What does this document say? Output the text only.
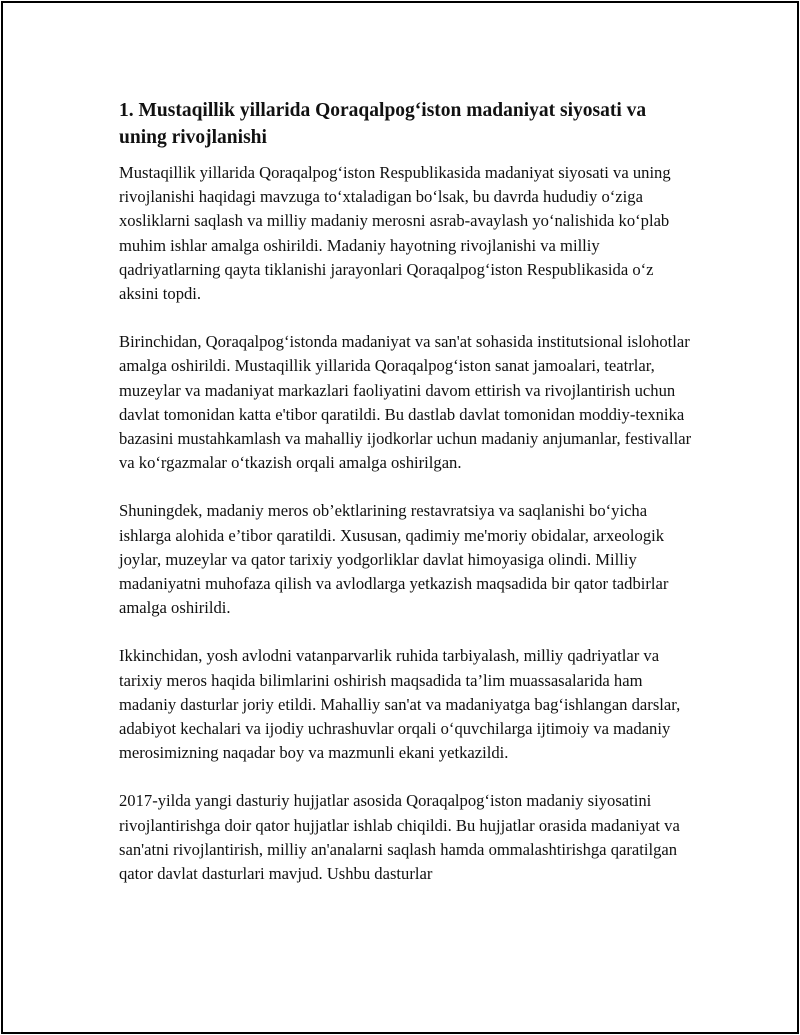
1. Mustaqillik yillarida Qoraqalpog‘iston madaniyat siyosati va uning rivojlanishi

Mustaqillik yillarida Qoraqalpog‘iston Respublikasida madaniyat siyosati va uning rivojlanishi haqidagi mavzuga to‘xtaladigan bo‘lsak, bu davrda hududiy o‘ziga xosliklarni saqlash va milliy madaniy merosni asrab-avaylash yo‘nalishida ko‘plab muhim ishlar amalga oshirildi. Madaniy hayotning rivojlanishi va milliy qadriyatlarning qayta tiklanishi jarayonlari Qoraqalpog‘iston Respublikasida o‘z aksini topdi.

Birinchidan, Qoraqalpog‘istonda madaniyat va san'at sohasida institutsional islohotlar amalga oshirildi. Mustaqillik yillarida Qoraqalpog‘iston sanat jamoalari, teatrlar, muzeylar va madaniyat markazlari faoliyatini davom ettirish va rivojlantirish uchun davlat tomonidan katta e'tibor qaratildi. Bu dastlab davlat tomonidan moddiy-texnika bazasini mustahkamlash va mahalliy ijodkorlar uchun madaniy anjumanlar, festivallar va ko‘rgazmalar o‘tkazish orqali amalga oshirilgan.

Shuningdek, madaniy meros ob’ektlarining restavratsiya va saqlanishi bo‘yicha ishlarga alohida e’tibor qaratildi. Xususan, qadimiy me'moriy obidalar, arxeologik joylar, muzeylar va qator tarixiy yodgorliklar davlat himoyasiga olindi. Milliy madaniyatni muhofaza qilish va avlodlarga yetkazish maqsadida bir qator tadbirlar amalga oshirildi.

Ikkinchidan, yosh avlodni vatanparvarlik ruhida tarbiyalash, milliy qadriyatlar va tarixiy meros haqida bilimlarini oshirish maqsadida ta’lim muassasalarida ham madaniy dasturlar joriy etildi. Mahalliy san'at va madaniyatga bag‘ishlangan darslar, adabiyot kechalari va ijodiy uchrashuvlar orqali o‘quvchilarga ijtimoiy va madaniy merosimizning naqadar boy va mazmunli ekani yetkazildi.

2017-yilda yangi dasturiy hujjatlar asosida Qoraqalpog‘iston madaniy siyosatini rivojlantirishga doir qator hujjatlar ishlab chiqildi. Bu hujjatlar orasida madaniyat va san'atni rivojlantirish, milliy an'analarni saqlash hamda ommalashtirishga qaratilgan qator davlat dasturlari mavjud. Ushbu dasturlar
